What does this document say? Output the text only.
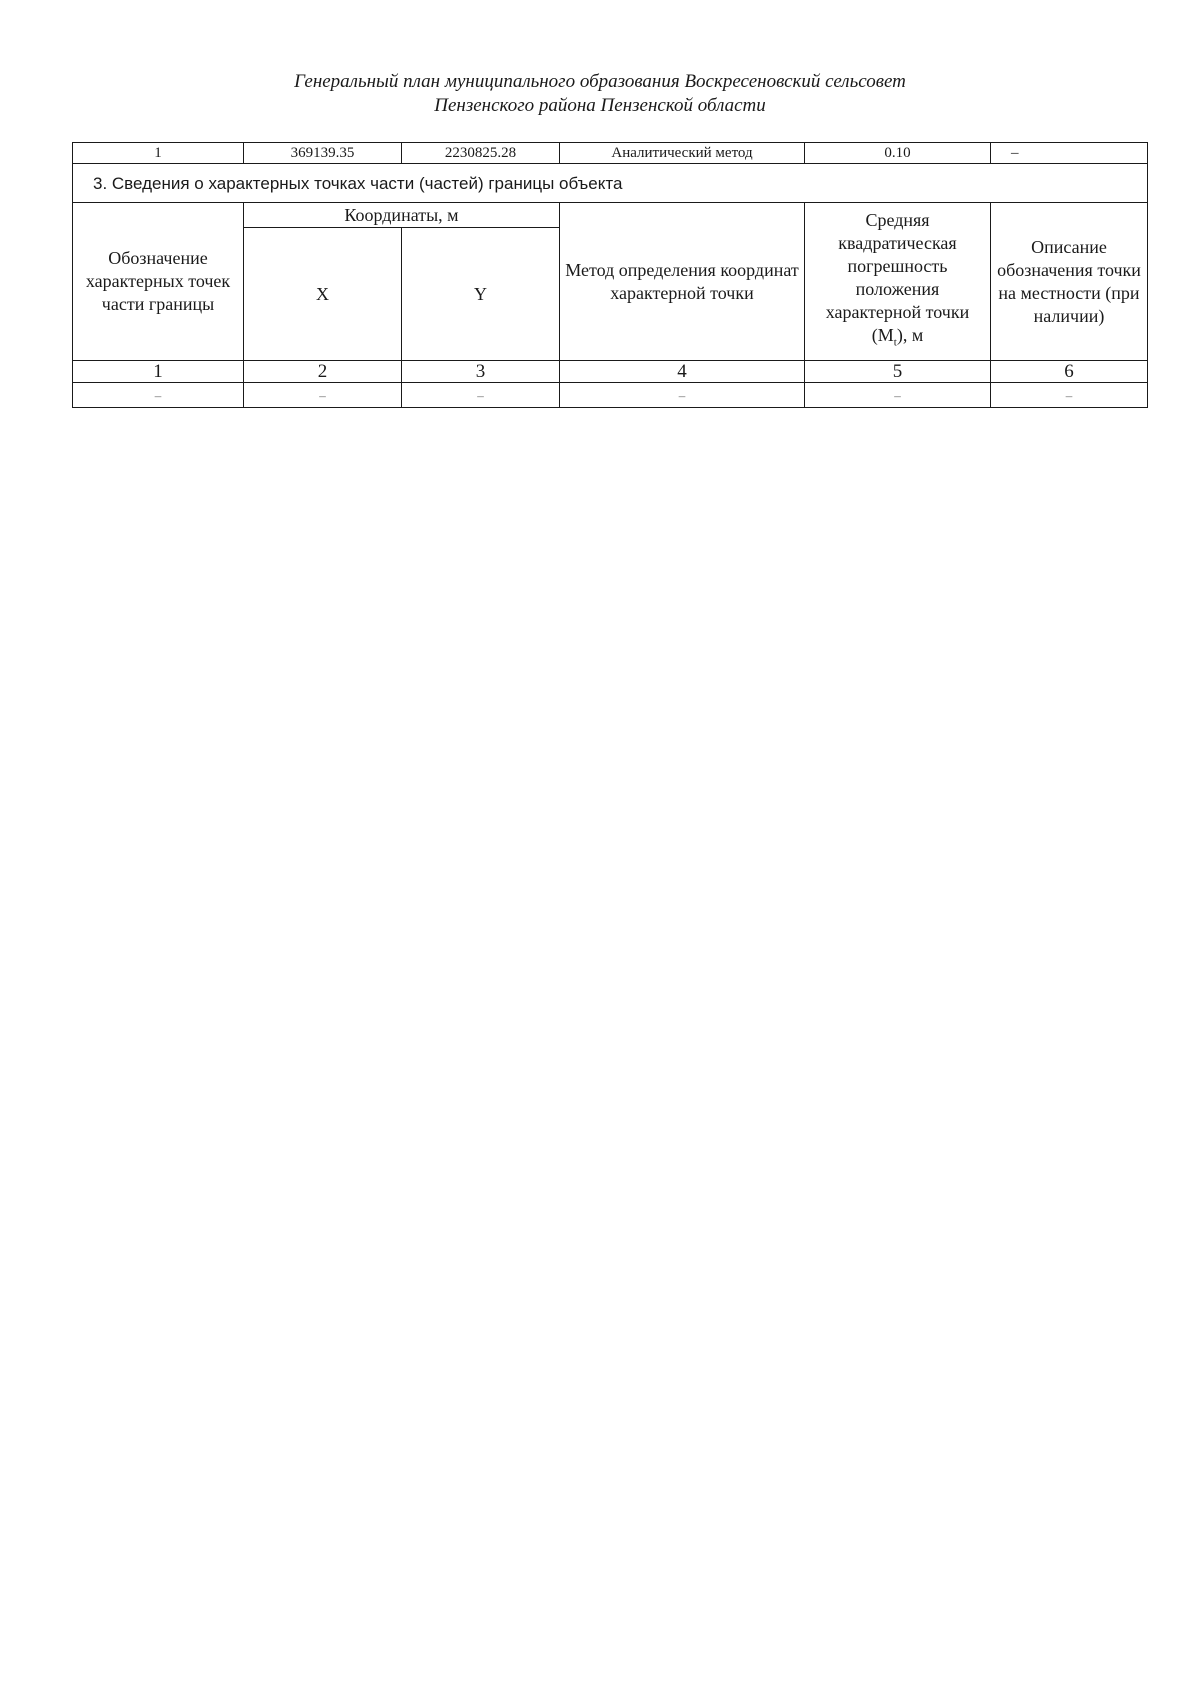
Генеральный план муниципального образования Воскресеновский сельсовет
Пензенского района Пензенской области
1	369139.35	2230825.28	Аналитический метод	0.10	–
3. Сведения о характерных точках части (частей) границы объекта					
Обозначение характерных точек части границы	Координаты, м		Метод определения координат характерной точки	Средняя квадратическая погрешность положения характерной точки $(M_t)$, м	Описание обозначения точки на местности (при наличии)
	X	Y			
1	2	3	4	5	6
–	–	–	–	–	–
